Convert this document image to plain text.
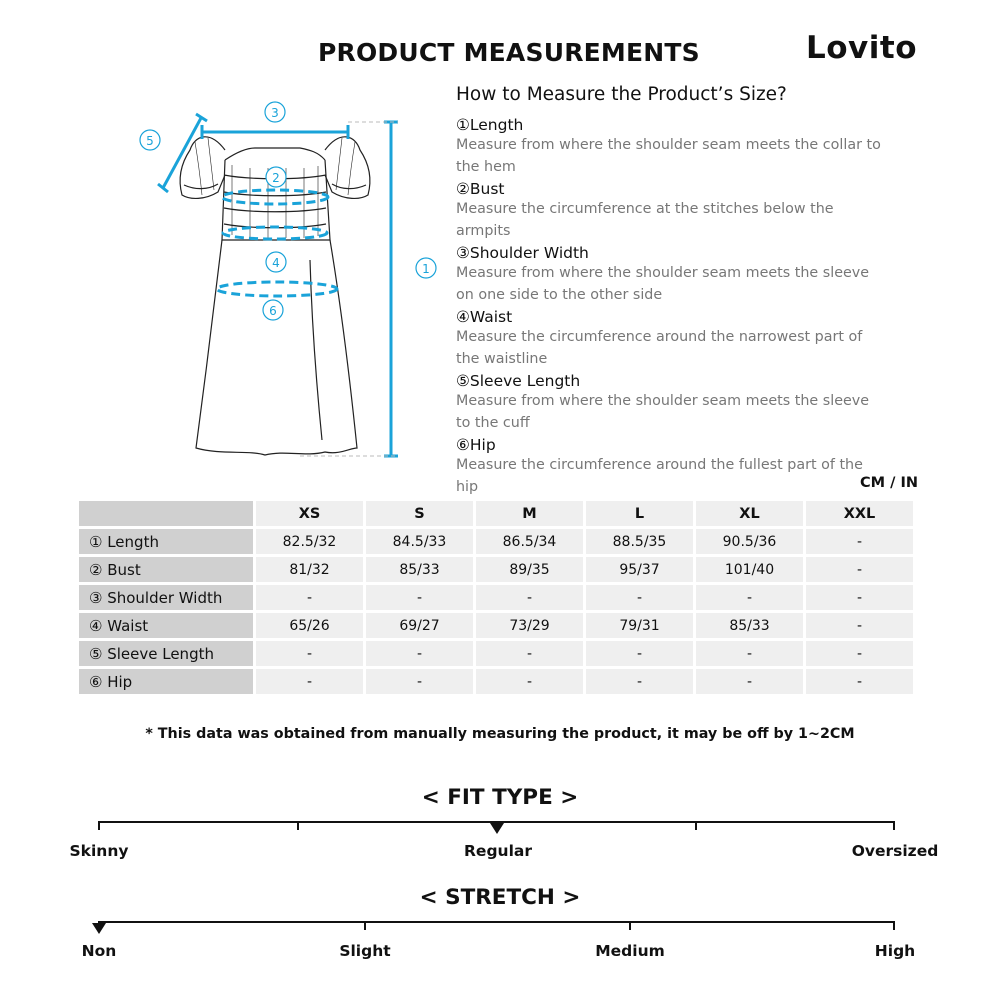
PRODUCT MEASUREMENTS	Lovito
5
3
2
4
6
1
How to Measure the Product’s Size?
①Length
Measure from where the shoulder seam meets the collar to the hem
②Bust
Measure the circumference at the stitches below the armpits
③Shoulder Width
Measure from where the shoulder seam meets the sleeve on one side to the other side
④Waist
Measure the circumference around the narrowest part of the waistline
⑤Sleeve Length
Measure from where the shoulder seam meets the sleeve to the cuff
⑥Hip
Measure the circumference around the fullest part of the hip	CM / IN
	XS	S	M	L	XL	XXL
① Length	82.5/32	84.5/33	86.5/34	88.5/35	90.5/36	-
② Bust	81/32	85/33	89/35	95/37	101/40	-
③ Shoulder Width	-	-	-	-	-	-
④ Waist	65/26	69/27	73/29	79/31	85/33	-
⑤ Sleeve Length	-	-	-	-	-	-
⑥ Hip	-	-	-	-	-	-
* This data was obtained from manually measuring the product, it may be off by 1~2CM
< FIT TYPE >
Skinny	Regular	Oversized
< STRETCH >
Non	Slight	Medium	High
